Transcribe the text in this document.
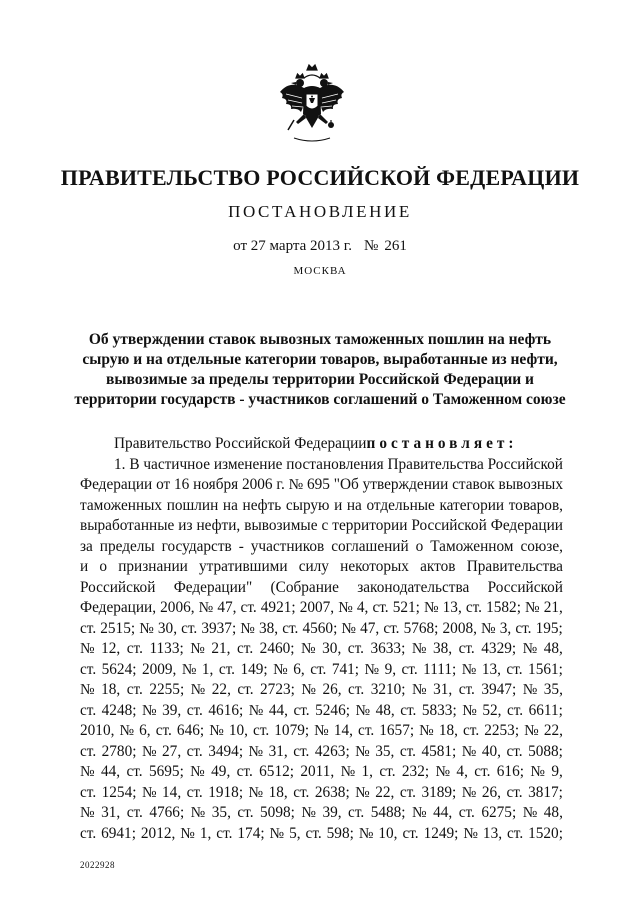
ПРАВИТЕЛЬСТВО РОССИЙСКОЙ ФЕДЕРАЦИИ
ПОСТАНОВЛЕНИЕ
от 27 марта 2013 г. № 261
МОСКВА
Об утверждении ставок вывозных таможенных пошлин на нефть
сырую и на отдельные категории товаров, выработанные из нефти,
вывозимые за пределы территории Российской Федерации и
территории государств - участников соглашений о Таможенном союзе
Правительство Российской Федерации постановляет:
1. В частичное изменение постановления Правительства Российской
Федерации от 16 ноября 2006 г. № 695 "Об утверждении ставок вывозных
таможенных пошлин на нефть сырую и на отдельные категории товаров,
выработанные из нефти, вывозимые с территории Российской Федерации
за пределы государств - участников соглашений о Таможенном союзе,
и о признании утратившими силу некоторых актов Правительства
Российской Федерации" (Собрание законодательства Российской
Федерации, 2006, № 47, ст. 4921; 2007, № 4, ст. 521; № 13, ст. 1582; № 21,
ст. 2515; № 30, ст. 3937; № 38, ст. 4560; № 47, ст. 5768; 2008, № 3, ст. 195;
№ 12, ст. 1133; № 21, ст. 2460; № 30, ст. 3633; № 38, ст. 4329; № 48,
ст. 5624; 2009, № 1, ст. 149; № 6, ст. 741; № 9, ст. 1111; № 13, ст. 1561;
№ 18, ст. 2255; № 22, ст. 2723; № 26, ст. 3210; № 31, ст. 3947; № 35,
ст. 4248; № 39, ст. 4616; № 44, ст. 5246; № 48, ст. 5833; № 52, ст. 6611;
2010, № 6, ст. 646; № 10, ст. 1079; № 14, ст. 1657; № 18, ст. 2253; № 22,
ст. 2780; № 27, ст. 3494; № 31, ст. 4263; № 35, ст. 4581; № 40, ст. 5088;
№ 44, ст. 5695; № 49, ст. 6512; 2011, № 1, ст. 232; № 4, ст. 616; № 9,
ст. 1254; № 14, ст. 1918; № 18, ст. 2638; № 22, ст. 3189; № 26, ст. 3817;
№ 31, ст. 4766; № 35, ст. 5098; № 39, ст. 5488; № 44, ст. 6275; № 48,
ст. 6941; 2012, № 1, ст. 174; № 5, ст. 598; № 10, ст. 1249; № 13, ст. 1520;
2022928
